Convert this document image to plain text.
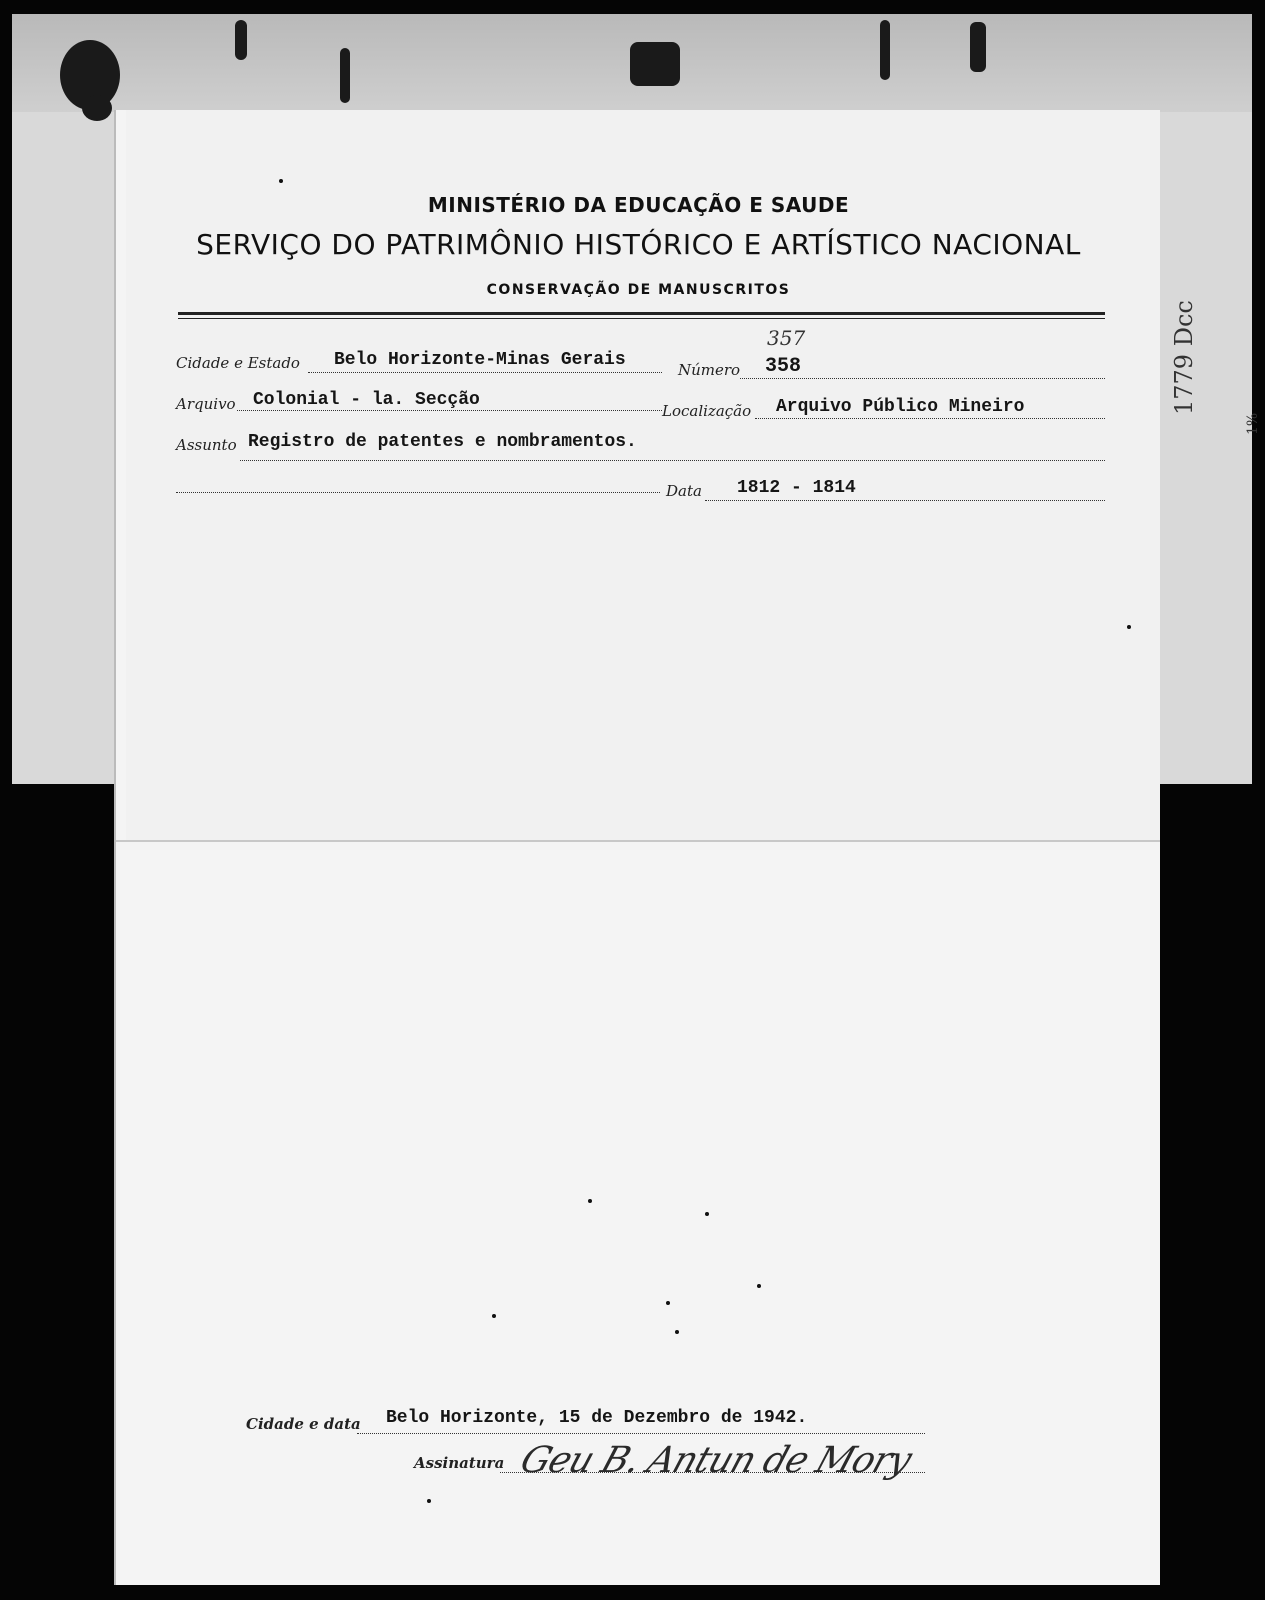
1779 Dcc
1%
MINISTÉRIO DA EDUCAÇÃO E SAUDE
SERVIÇO DO PATRIMÔNIO HISTÓRICO E ARTÍSTICO NACIONAL
CONSERVAÇÃO DE MANUSCRITOS
Cidade e Estado Belo Horizonte-Minas Gerais	Número
357
358
Arquivo Colonial - la. Secção
Localização Arquivo Público Mineiro
Assunto Registro de patentes e nombramentos.
Data 1812 - 1814
Cidade e data Belo Horizonte, 15 de Dezembro de 1942.
Assinatura Geu B. Antun de Mory
